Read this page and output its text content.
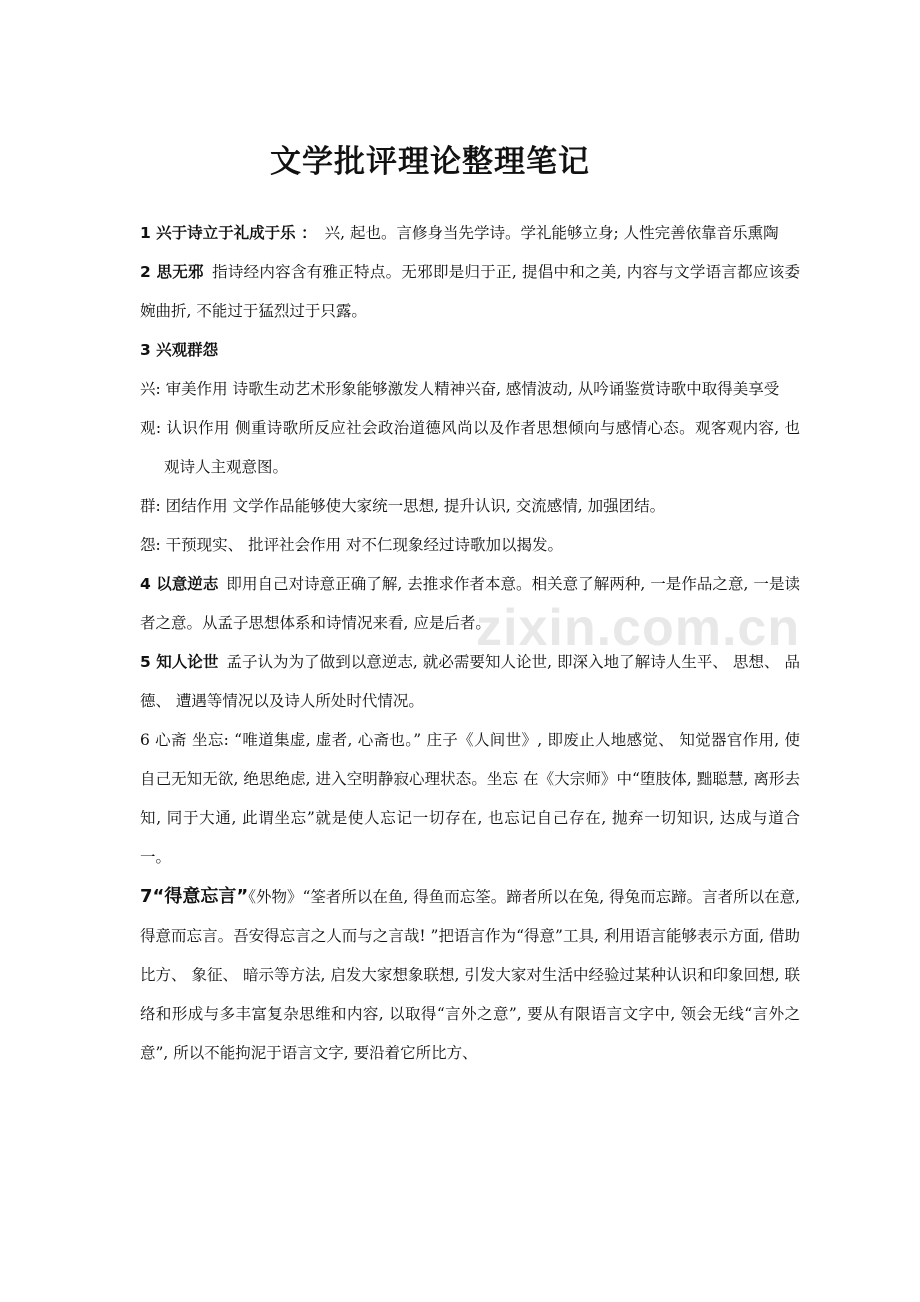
zixin.com.cn
文学批评理论整理笔记

1 兴于诗立于礼成于乐 ： 兴, 起也。言修身当先学诗。学礼能够立身; 人性完善依靠音乐熏陶

2 思无邪 指诗经内容含有雅正特点。无邪即是归于正, 提倡中和之美, 内容与文学语言都应该委婉曲折, 不能过于猛烈过于只露。

3 兴观群怨

兴: 审美作用 诗歌生动艺术形象能够激发人精神兴奋, 感情波动, 从吟诵鉴赏诗歌中取得美享受

观: 认识作用 侧重诗歌所反应社会政治道德风尚以及作者思想倾向与感情心态。观客观内容, 也观诗人主观意图。

群: 团结作用 文学作品能够使大家统一思想, 提升认识, 交流感情, 加强团结。

怨: 干预现实、 批评社会作用 对不仁现象经过诗歌加以揭发。

4 以意逆志 即用自己对诗意正确了解, 去推求作者本意。相关意了解两种, 一是作品之意, 一是读者之意。从孟子思想体系和诗情况来看, 应是后者。

5 知人论世 孟子认为为了做到以意逆志, 就必需要知人论世, 即深入地了解诗人生平、 思想、 品德、 遭遇等情况以及诗人所处时代情况。

6 心斋 坐忘: “唯道集虚, 虚者, 心斋也。” 庄子《人间世》, 即废止人地感觉、 知觉器官作用, 使自己无知无欲, 绝思绝虑, 进入空明静寂心理状态。坐忘 在《大宗师》中“堕肢体, 黜聪慧, 离形去知, 同于大通, 此谓坐忘”就是使人忘记一切存在, 也忘记自己存在, 抛弃一切知识, 达成与道合一。

7“得意忘言”《外物》“筌者所以在鱼, 得鱼而忘筌。蹄者所以在兔, 得兔而忘蹄。言者所以在意, 得意而忘言。吾安得忘言之人而与之言哉! ”把语言作为“得意”工具, 利用语言能够表示方面, 借助比方、 象征、 暗示等方法, 启发大家想象联想, 引发大家对生活中经验过某种认识和印象回想, 联络和形成与多丰富复杂思维和内容, 以取得“言外之意”, 要从有限语言文字中, 领会无线“言外之意”, 所以不能拘泥于语言文字, 要沿着它所比方、
